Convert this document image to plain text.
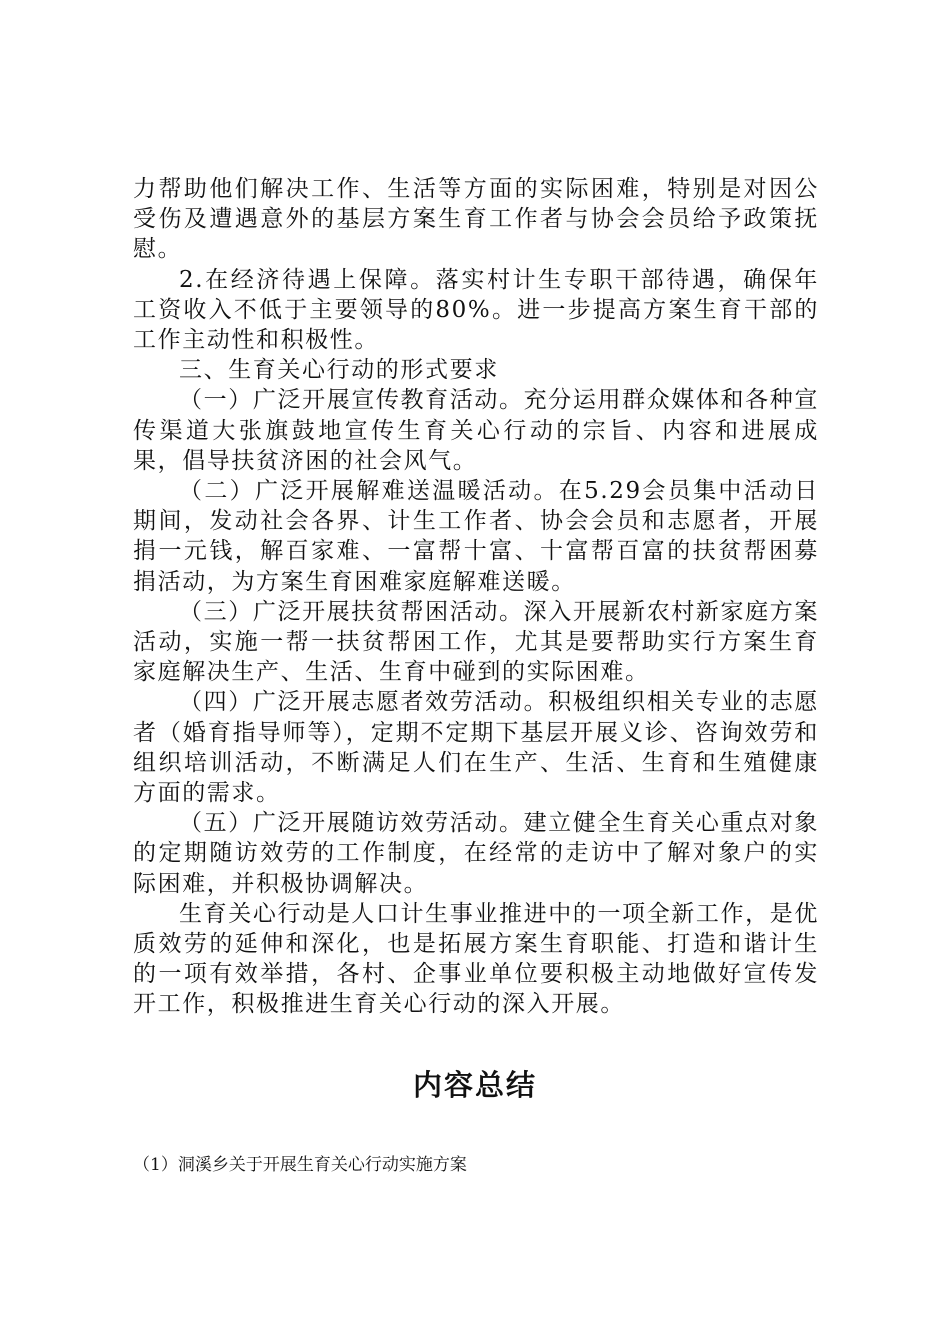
力帮助他们解决工作、生活等方面的实际困难，特别是对因公受伤及遭遇意外的基层方案生育工作者与协会会员给予政策抚慰。

2.在经济待遇上保障。落实村计生专职干部待遇，确保年工资收入不低于主要领导的80%。进一步提高方案生育干部的工作主动性和积极性。

三、生育关心行动的形式要求

（一）广泛开展宣传教育活动。充分运用群众媒体和各种宣传渠道大张旗鼓地宣传生育关心行动的宗旨、内容和进展成果，倡导扶贫济困的社会风气。

（二）广泛开展解难送温暖活动。在5.29会员集中活动日期间，发动社会各界、计生工作者、协会会员和志愿者，开展捐一元钱，解百家难、一富帮十富、十富帮百富的扶贫帮困募捐活动，为方案生育困难家庭解难送暖。

（三）广泛开展扶贫帮困活动。深入开展新农村新家庭方案活动，实施一帮一扶贫帮困工作，尤其是要帮助实行方案生育家庭解决生产、生活、生育中碰到的实际困难。

（四）广泛开展志愿者效劳活动。积极组织相关专业的志愿者（婚育指导师等），定期不定期下基层开展义诊、咨询效劳和组织培训活动，不断满足人们在生产、生活、生育和生殖健康方面的需求。

（五）广泛开展随访效劳活动。建立健全生育关心重点对象的定期随访效劳的工作制度，在经常的走访中了解对象户的实际困难，并积极协调解决。

生育关心行动是人口计生事业推进中的一项全新工作，是优质效劳的延伸和深化，也是拓展方案生育职能、打造和谐计生的一项有效举措，各村、企事业单位要积极主动地做好宣传发开工作，积极推进生育关心行动的深入开展。

内容总结

（1）洞溪乡关于开展生育关心行动实施方案
